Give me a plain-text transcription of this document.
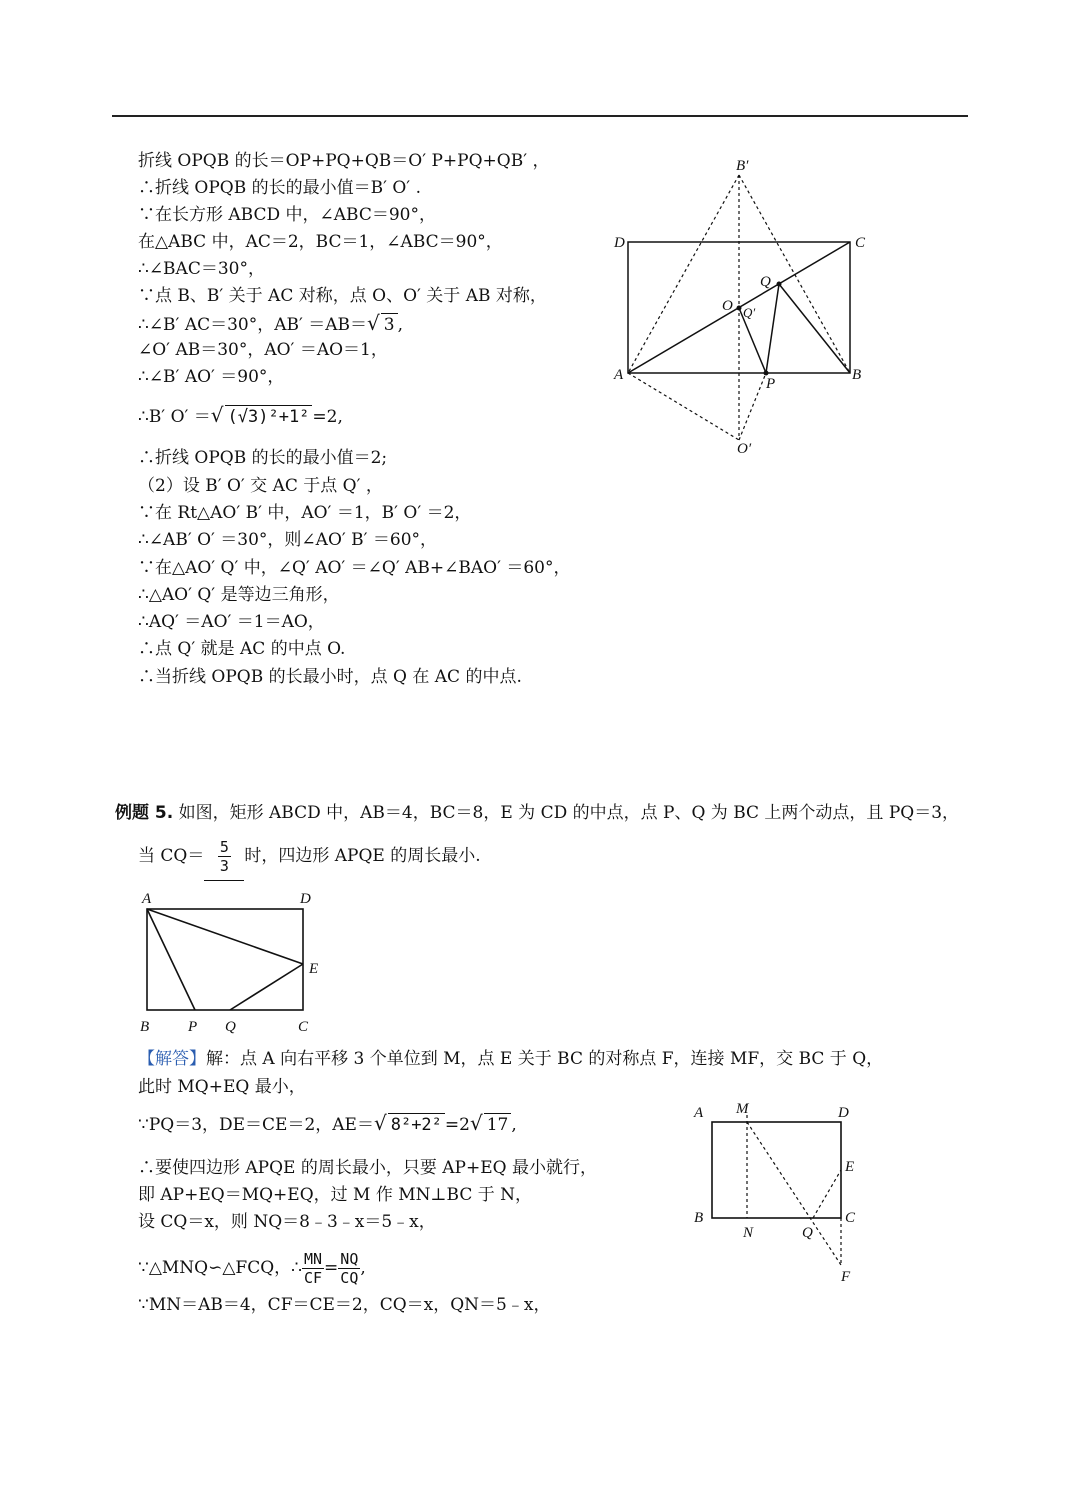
折线 OPQB 的长＝OP+PQ+QB＝O′ P+PQ+QB′ ，
∴折线 OPQB 的长的最小值＝B′ O′ .
∵在长方形 ABCD 中，∠ABC＝90°，
在△ABC 中，AC＝2，BC＝1，∠ABC＝90°，
∴∠BAC＝30°，
∵点 B、B′ 关于 AC 对称，点 O、O′ 关于 AB 对称，
∴∠B′ AC＝30°，AB′ ＝AB＝√ 3 ,
∠O′ AB＝30°，AO′ ＝AO＝1，
∴∠B′ AO′ ＝90°，
∴B′ O′ ＝√ (√3)²+1² =2,
∴折线 OPQB 的长的最小值＝2;
（2）设 B′ O′ 交 AC 于点 Q′ ，
∵在 Rt△AO′ B′ 中，AO′ ＝1，B′ O′ ＝2，
∴∠AB′ O′ ＝30°，则∠AO′ B′ ＝60°，
∵在△AO′ Q′ 中，∠Q′ AO′ ＝∠Q′ AB+∠BAO′ ＝60°，
∴△AO′ Q′ 是等边三角形，
∴AQ′ ＝AO′ ＝1＝AO，
∴点 Q′ 就是 AC 的中点 O.
∴当折线 OPQB 的长最小时，点 Q 在 AC 的中点.
B′
D	C
Q
O Q′
A
P
B
O′
例题 5. 如图，矩形 ABCD 中，AB＝4，BC＝8，E 为 CD 的中点，点 P、Q 为 BC 上两个动点，且 PQ＝3，
当 $CQ= \frac{5}{3}$ 时，四边形 APQE 的周长最小.
A	D
E
B	P Q	C
【解答】解：点 A 向右平移 3 个单位到 M，点 E 关于 BC 的对称点 F，连接 MF，交 BC 于 Q，
此时 MQ+EQ 最小，
∵PQ＝3，DE＝CE＝2，AE＝√ 8²+2² =2√ 17 ,
∴要使四边形 APQE 的周长最小，只要 AP+EQ 最小就行，
即 AP+EQ＝MQ+EQ，过 M 作 MN⊥BC 于 N，
设 CQ＝x，则 NQ＝8﹣3﹣x＝5﹣x，
∵△MNQ∽△FCQ，∴ $\frac{MN}{CF} = \frac{NQ}{CQ}$ ,
∵MN＝AB＝4，CF＝CE＝2，CQ＝x，QN＝5﹣x，
A M	D
E
B
N	Q
C
F
